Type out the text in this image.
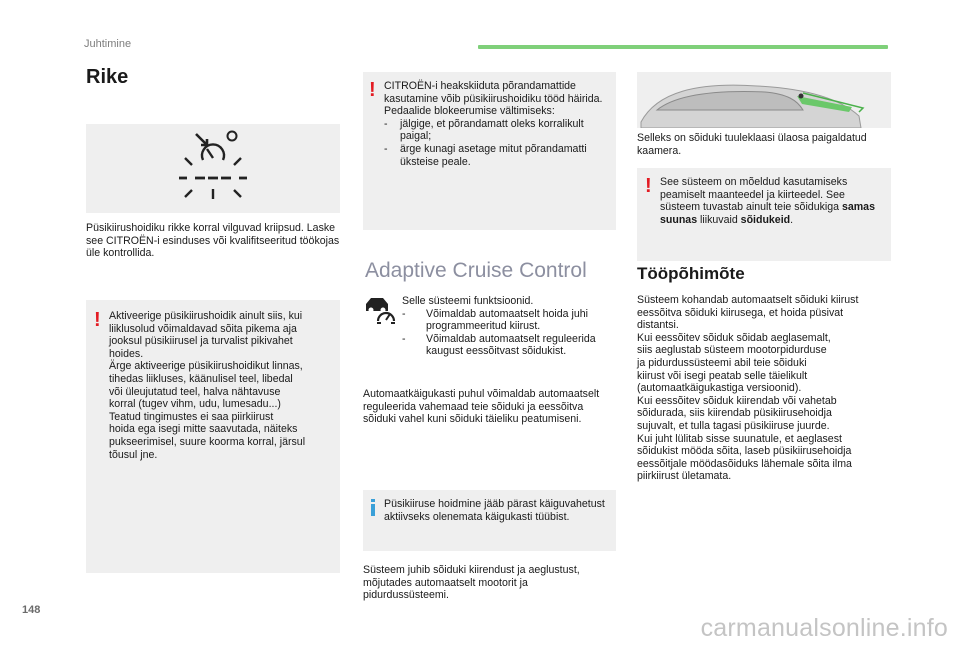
Juhtimine
Rike
Püsikiirushoidiku rikke korral vilguvad kriipsud. Laske see CITROËN-i esinduses või kvalifitseeritud töökojas üle kontrollida.
! Aktiveerige püsikiirushoidik ainult siis, kui
liiklusolud võimaldavad sõita pikema aja
jooksul püsikiirusel ja turvalist pikivahet
hoides.
Ärge aktiveerige püsikiirushoidikut linnas,
tihedas liikluses, käänulisel teel, libedal
või üleujutatud teel, halva nähtavuse
korral (tugev vihm, udu, lumesadu...)
Teatud tingimustes ei saa piirkiirust
hoida ega isegi mitte saavutada, näiteks
pukseerimisel, suure koorma korral, järsul
tõusul jne.
! CITROËN-i heakskiiduta põrandamattide kasutamine võib püsikiirushoidiku tööd häirida.

Pedaalide blokeerumise vältimiseks:

-	jälgige, et põrandamatt oleks korralikult paigal;
-	ärge kunagi asetage mitut põrandamatti üksteise peale.
Adaptive Cruise Control

Selle süsteemi funktsioonid.

-	Võimaldab automaatselt hoida juhi programmeeritud kiirust.
-	Võimaldab automaatselt reguleerida kaugust eessõitvast sõidukist.
Automaatkäigukasti puhul võimaldab automaatselt reguleerida vahemaad teie sõiduki ja eessõitva sõiduki vahel kuni sõiduki täieliku peatumiseni.
Püsikiiruse hoidmine jääb pärast käiguvahetust aktiivseks olenemata käigukasti tüübist.
Süsteem juhib sõiduki kiirendust ja aeglustust, mõjutades automaatselt mootorit ja pidurdussüsteemi.
Selleks on sõiduki tuuleklaasi ülaosa paigaldatud kaamera.
! See süsteem on mõeldud kasutamiseks peamiselt maanteedel ja kiirteedel. See süsteem tuvastab ainult teie sõidukiga samas suunas liikuvaid sõidukeid.
Tööpõhimõte
Süsteem kohandab automaatselt sõiduki kiirust
eessõitva sõiduki kiirusega, et hoida püsivat
distantsi.
Kui eessõitev sõiduk sõidab aeglasemalt,
siis aeglustab süsteem mootorpidurduse
ja pidurdussüsteemi abil teie sõiduki
kiirust või isegi peatab selle täielikult
(automaatkäigukastiga versioonid).
Kui eessõitev sõiduk kiirendab või vahetab
sõidurada, siis kiirendab püsikiirusehoidja
sujuvalt, et tulla tagasi püsikiiruse juurde.
Kui juht lülitab sisse suunatule, et aeglasest
sõidukist mööda sõita, laseb püsikiirusehoidja
eessõitjale möödasõiduks lähemale sõita ilma
piirkiirust ületamata.
148
carmanualsonline.info
